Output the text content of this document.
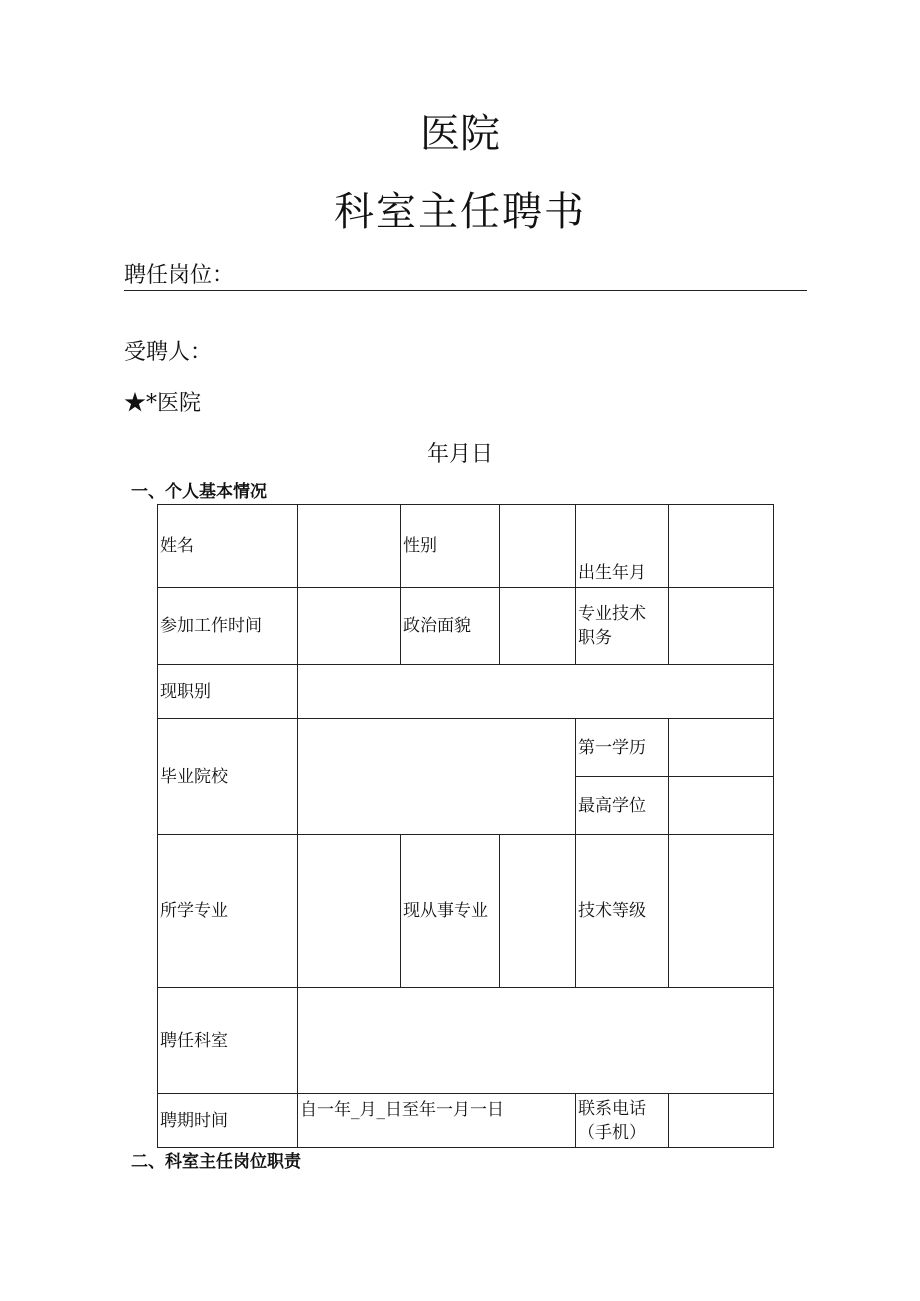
医院
科室主任聘书
聘任岗位：
受聘人：
★*医院
年月日
一、个人基本情况
姓名		性别		出生年月	
参加工作时间		政治面貌		专业技术
职务	

现职别					
毕业院校				第一学历	
				最高学位	
所学专业		现从事专业		技术等级	
聘任科室					
聘期时间	自一年_月_日至年一月一日			联系电话
（手机）	

二、科室主任岗位职责
